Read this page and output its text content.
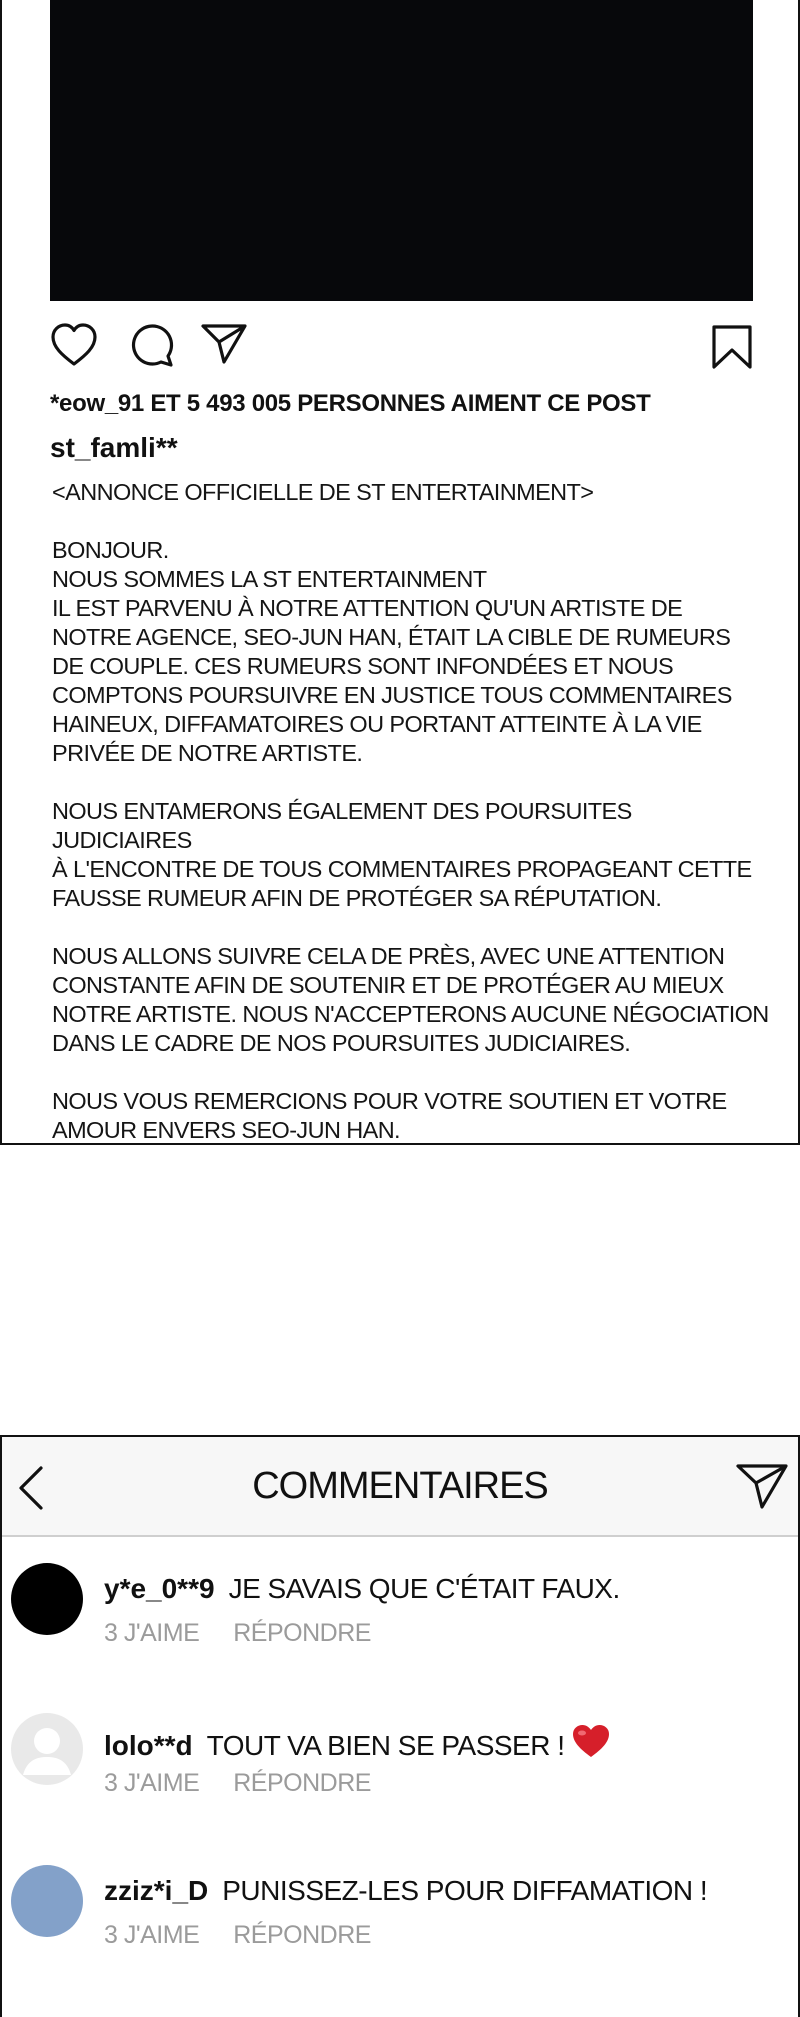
*eow_91 ET 5 493 005 PERSONNES AIMENT CE POST
st_famli**

<ANNONCE OFFICIELLE DE ST ENTERTAINMENT>

BONJOUR.
NOUS SOMMES LA ST ENTERTAINMENT
IL EST PARVENU À NOTRE ATTENTION QU'UN ARTISTE DE
NOTRE AGENCE, SEO-JUN HAN, ÉTAIT LA CIBLE DE RUMEURS
DE COUPLE. CES RUMEURS SONT INFONDÉES ET NOUS
COMPTONS POURSUIVRE EN JUSTICE TOUS COMMENTAIRES
HAINEUX, DIFFAMATOIRES OU PORTANT ATTEINTE À LA VIE
PRIVÉE DE NOTRE ARTISTE.

NOUS ENTAMERONS ÉGALEMENT DES POURSUITES JUDICIAIRES
À L'ENCONTRE DE TOUS COMMENTAIRES PROPAGEANT CETTE
FAUSSE RUMEUR AFIN DE PROTÉGER SA RÉPUTATION.

NOUS ALLONS SUIVRE CELA DE PRÈS, AVEC UNE ATTENTION
CONSTANTE AFIN DE SOUTENIR ET DE PROTÉGER AU MIEUX
NOTRE ARTISTE. NOUS N'ACCEPTERONS AUCUNE NÉGOCIATION
DANS LE CADRE DE NOS POURSUITES JUDICIAIRES.

NOUS VOUS REMERCIONS POUR VOTRE SOUTIEN ET VOTRE
AMOUR ENVERS SEO-JUN HAN.

COMMENTAIRES
y*e_0**9 JE SAVAIS QUE C'ÉTAIT FAUX.
3 J'AIME RÉPONDRE
lolo**d TOUT VA BIEN SE PASSER !
3 J'AIME RÉPONDRE
zziz*i_D PUNISSEZ-LES POUR DIFFAMATION !
3 J'AIME RÉPONDRE
